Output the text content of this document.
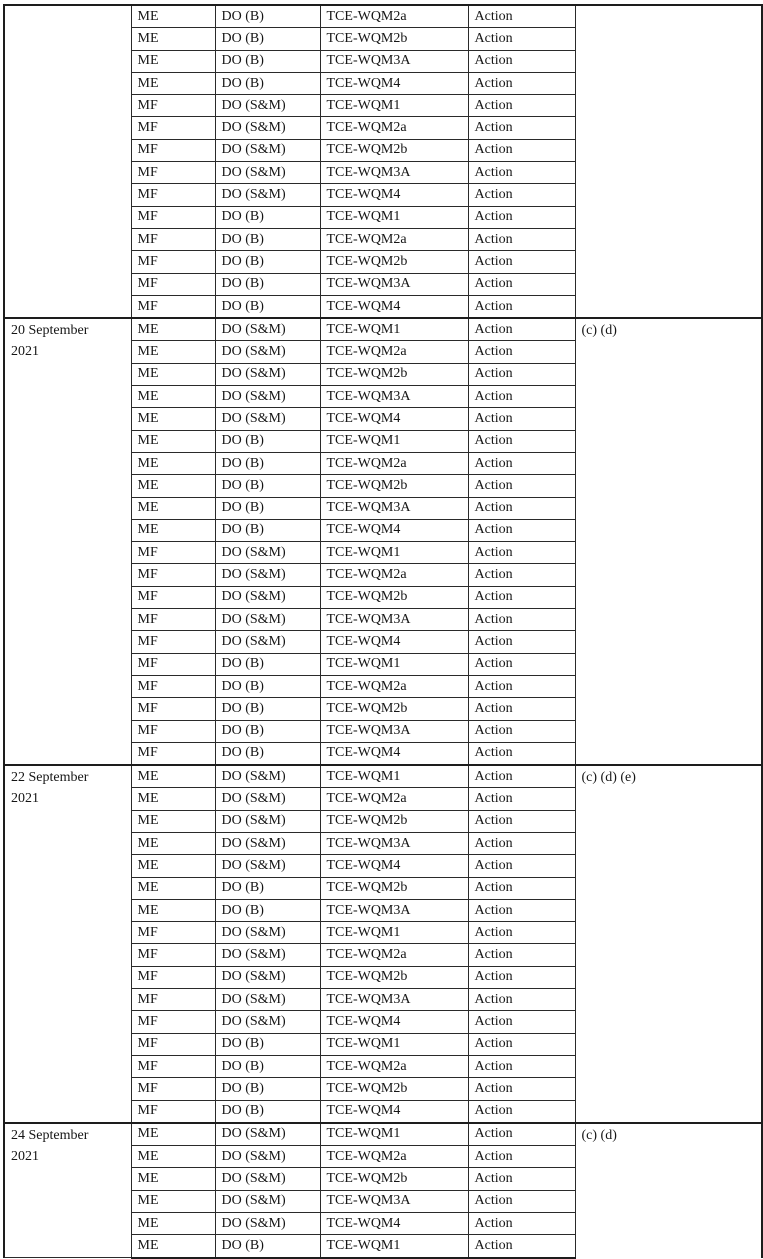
	ME	DO (B)	TCE-WQM2a	Action	
	ME	DO (B)	TCE-WQM2b	Action	
	ME	DO (B)	TCE-WQM3A	Action	
	ME	DO (B)	TCE-WQM4	Action	
	MF	DO (S&M)	TCE-WQM1	Action	
	MF	DO (S&M)	TCE-WQM2a	Action	
	MF	DO (S&M)	TCE-WQM2b	Action	
	MF	DO (S&M)	TCE-WQM3A	Action	
	MF	DO (S&M)	TCE-WQM4	Action	
	MF	DO (B)	TCE-WQM1	Action	
	MF	DO (B)	TCE-WQM2a	Action	
	MF	DO (B)	TCE-WQM2b	Action	
	MF	DO (B)	TCE-WQM3A	Action	
	MF	DO (B)	TCE-WQM4	Action	
20 September 2021	ME	DO (S&M)	TCE-WQM1	Action	(c) (d)
	ME	DO (S&M)	TCE-WQM2a	Action	
	ME	DO (S&M)	TCE-WQM2b	Action	
	ME	DO (S&M)	TCE-WQM3A	Action	
	ME	DO (S&M)	TCE-WQM4	Action	
	ME	DO (B)	TCE-WQM1	Action	
	ME	DO (B)	TCE-WQM2a	Action	
	ME	DO (B)	TCE-WQM2b	Action	
	ME	DO (B)	TCE-WQM3A	Action	
	ME	DO (B)	TCE-WQM4	Action	
	MF	DO (S&M)	TCE-WQM1	Action	
	MF	DO (S&M)	TCE-WQM2a	Action	
	MF	DO (S&M)	TCE-WQM2b	Action	
	MF	DO (S&M)	TCE-WQM3A	Action	
	MF	DO (S&M)	TCE-WQM4	Action	
	MF	DO (B)	TCE-WQM1	Action	
	MF	DO (B)	TCE-WQM2a	Action	
	MF	DO (B)	TCE-WQM2b	Action	
	MF	DO (B)	TCE-WQM3A	Action	
	MF	DO (B)	TCE-WQM4	Action	
22 September 2021	ME	DO (S&M)	TCE-WQM1	Action	(c) (d) (e)
	ME	DO (S&M)	TCE-WQM2a	Action	
	ME	DO (S&M)	TCE-WQM2b	Action	
	ME	DO (S&M)	TCE-WQM3A	Action	
	ME	DO (S&M)	TCE-WQM4	Action	
	ME	DO (B)	TCE-WQM2b	Action	
	ME	DO (B)	TCE-WQM3A	Action	
	MF	DO (S&M)	TCE-WQM1	Action	
	MF	DO (S&M)	TCE-WQM2a	Action	
	MF	DO (S&M)	TCE-WQM2b	Action	
	MF	DO (S&M)	TCE-WQM3A	Action	
	MF	DO (S&M)	TCE-WQM4	Action	
	MF	DO (B)	TCE-WQM1	Action	
	MF	DO (B)	TCE-WQM2a	Action	
	MF	DO (B)	TCE-WQM2b	Action	
	MF	DO (B)	TCE-WQM4	Action	
24 September 2021	ME	DO (S&M)	TCE-WQM1	Action	(c) (d)
	ME	DO (S&M)	TCE-WQM2a	Action	
	ME	DO (S&M)	TCE-WQM2b	Action	
	ME	DO (S&M)	TCE-WQM3A	Action	
	ME	DO (S&M)	TCE-WQM4	Action	
	ME	DO (B)	TCE-WQM1	Action	
